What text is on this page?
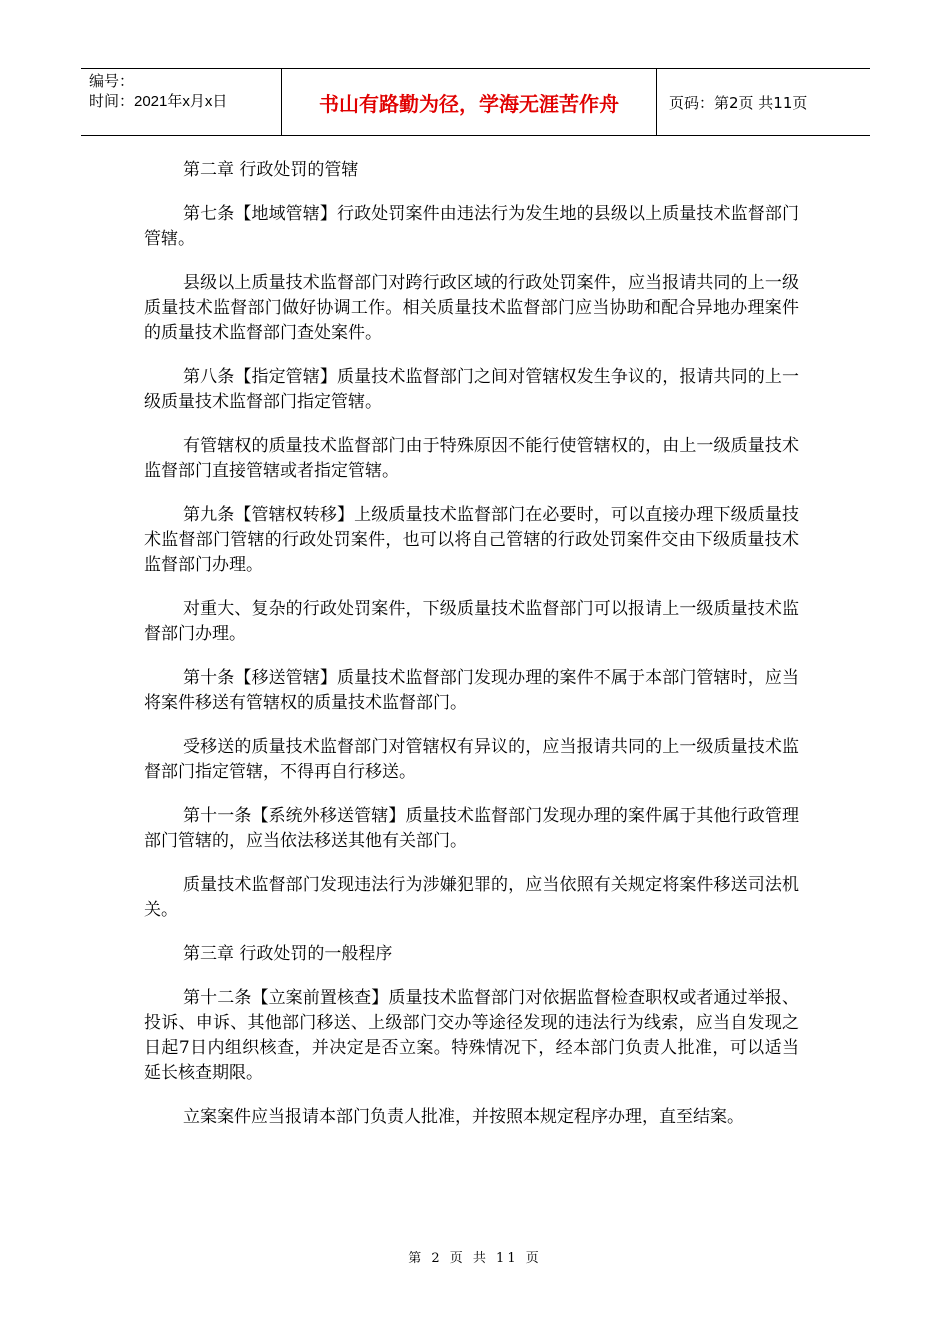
编号：
时间：2021年x月x日	书山有路勤为径，学海无涯苦作舟	页码：第2页 共11页

第二章 行政处罚的管辖

第七条【地域管辖】行政处罚案件由违法行为发生地的县级以上质量技术监督部门管辖。

县级以上质量技术监督部门对跨行政区域的行政处罚案件，应当报请共同的上一级质量技术监督部门做好协调工作。相关质量技术监督部门应当协助和配合异地办理案件的质量技术监督部门查处案件。

第八条【指定管辖】质量技术监督部门之间对管辖权发生争议的，报请共同的上一级质量技术监督部门指定管辖。

有管辖权的质量技术监督部门由于特殊原因不能行使管辖权的，由上一级质量技术监督部门直接管辖或者指定管辖。

第九条【管辖权转移】上级质量技术监督部门在必要时，可以直接办理下级质量技术监督部门管辖的行政处罚案件，也可以将自己管辖的行政处罚案件交由下级质量技术监督部门办理。

对重大、复杂的行政处罚案件，下级质量技术监督部门可以报请上一级质量技术监督部门办理。

第十条【移送管辖】质量技术监督部门发现办理的案件不属于本部门管辖时，应当将案件移送有管辖权的质量技术监督部门。

受移送的质量技术监督部门对管辖权有异议的，应当报请共同的上一级质量技术监督部门指定管辖，不得再自行移送。

第十一条【系统外移送管辖】质量技术监督部门发现办理的案件属于其他行政管理部门管辖的，应当依法移送其他有关部门。

质量技术监督部门发现违法行为涉嫌犯罪的，应当依照有关规定将案件移送司法机关。

第三章 行政处罚的一般程序

第十二条【立案前置核查】质量技术监督部门对依据监督检查职权或者通过举报、投诉、申诉、其他部门移送、上级部门交办等途径发现的违法行为线索，应当自发现之日起7日内组织核查，并决定是否立案。特殊情况下，经本部门负责人批准，可以适当延长核查期限。

立案案件应当报请本部门负责人批准，并按照本规定程序办理，直至结案。

第 2 页 共 11 页
